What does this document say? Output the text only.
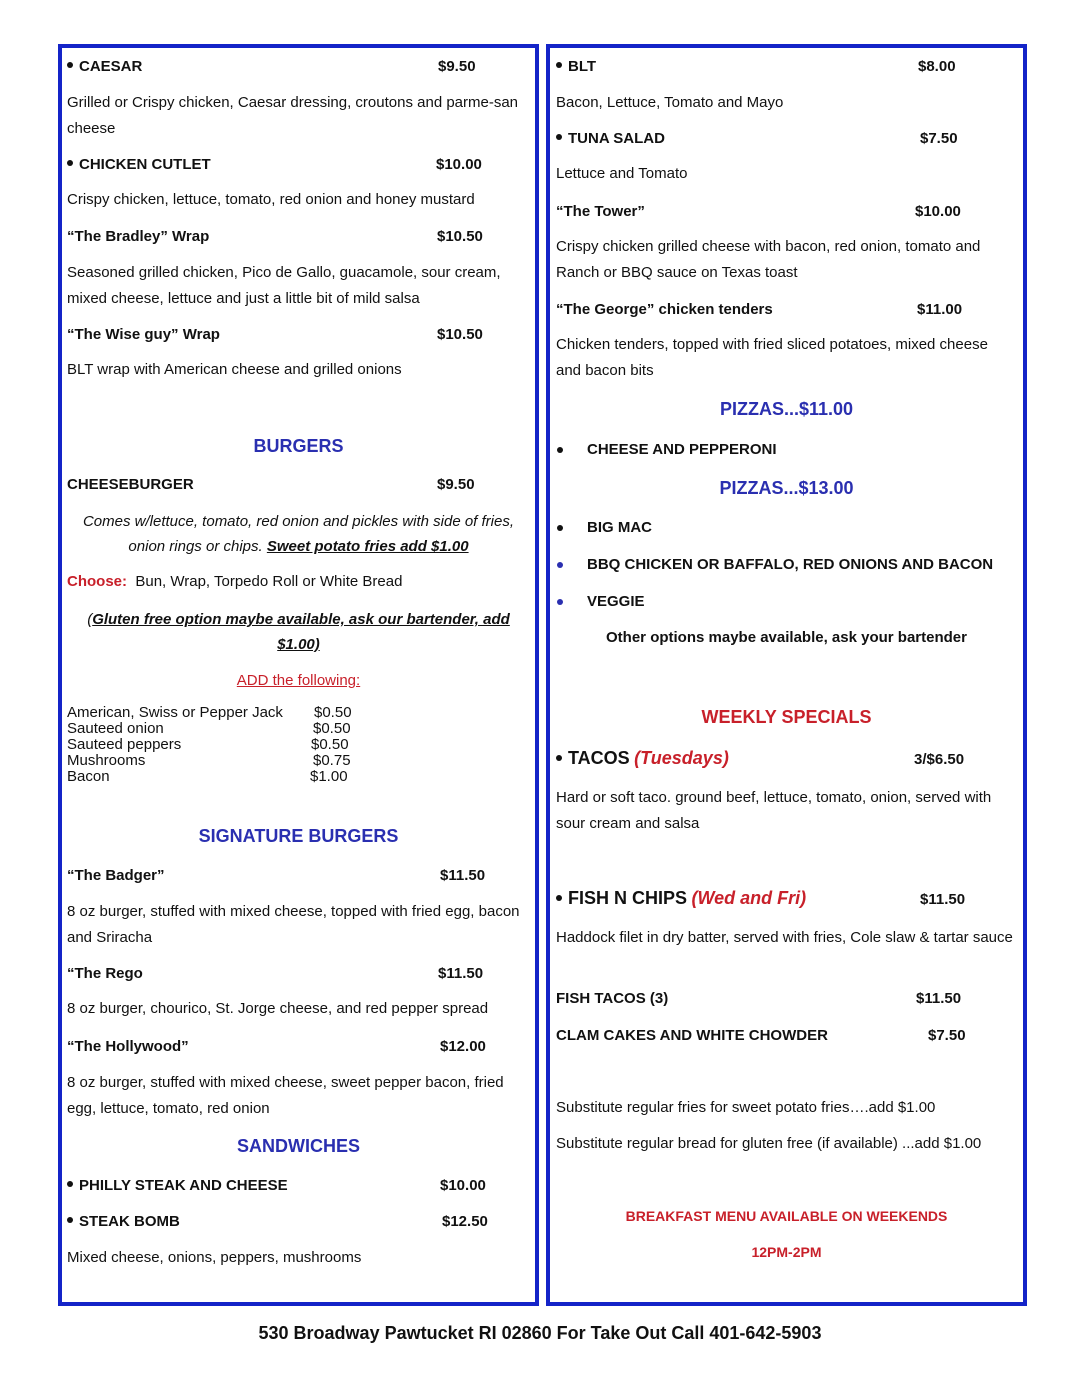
CAESAR	$9.50
Grilled or Crispy chicken, Caesar dressing, croutons and parme-san cheese
CHICKEN CUTLET	$10.00
Crispy chicken, lettuce, tomato, red onion and honey mustard
“The Bradley” Wrap	$10.50
Seasoned grilled chicken, Pico de Gallo, guacamole, sour cream, mixed cheese, lettuce and just a little bit of mild salsa
“The Wise guy” Wrap	$10.50
BLT wrap with American cheese and grilled onions
BURGERS
CHEESEBURGER	$9.50
Comes w/lettuce, tomato, red onion and pickles with side of fries, onion rings or chips. Sweet potato fries add $1.00
Choose: Bun, Wrap, Torpedo Roll or White Bread
(Gluten free option maybe available, ask our bartender, add $1.00)
ADD the following:
American, Swiss or Pepper Jack $0.50
Sauteed onion	$0.50
Sauteed peppers	$0.50
Mushrooms	$0.75
Bacon	$1.00
SIGNATURE BURGERS
“The Badger”	$11.50
8 oz burger, stuffed with mixed cheese, topped with fried egg, bacon and Sriracha
“The Rego	$11.50
8 oz burger, chourico, St. Jorge cheese, and red pepper spread
“The Hollywood”	$12.00
8 oz burger, stuffed with mixed cheese, sweet pepper bacon, fried egg, lettuce, tomato, red onion
SANDWICHES
PHILLY STEAK AND CHEESE	$10.00
STEAK BOMB	$12.50
Mixed cheese, onions, peppers, mushrooms
BLT	$8.00
Bacon, Lettuce, Tomato and Mayo
TUNA SALAD	$7.50
Lettuce and Tomato
“The Tower”	$10.00
Crispy chicken grilled cheese with bacon, red onion, tomato and Ranch or BBQ sauce on Texas toast
“The George” chicken tenders	$11.00
Chicken tenders, topped with fried sliced potatoes, mixed cheese and bacon bits
PIZZAS...$11.00
CHEESE AND PEPPERONI
PIZZAS...$13.00
BIG MAC
BBQ CHICKEN OR BAFFALO, RED ONIONS AND BACON
VEGGIE
Other options maybe available, ask your bartender
WEEKLY SPECIALS
TACOS (Tuesdays)	3/$6.50
Hard or soft taco. ground beef, lettuce, tomato, onion, served with sour cream and salsa
FISH N CHIPS (Wed and Fri)	$11.50
Haddock filet in dry batter, served with fries, Cole slaw & tartar sauce
FISH TACOS (3)	$11.50
CLAM CAKES AND WHITE CHOWDER	$7.50
Substitute regular fries for sweet potato fries….add $1.00
Substitute regular bread for gluten free (if available) ...add $1.00
BREAKFAST MENU AVAILABLE ON WEEKENDS
12PM-2PM
530 Broadway Pawtucket RI 02860 For Take Out Call 401-642-5903
